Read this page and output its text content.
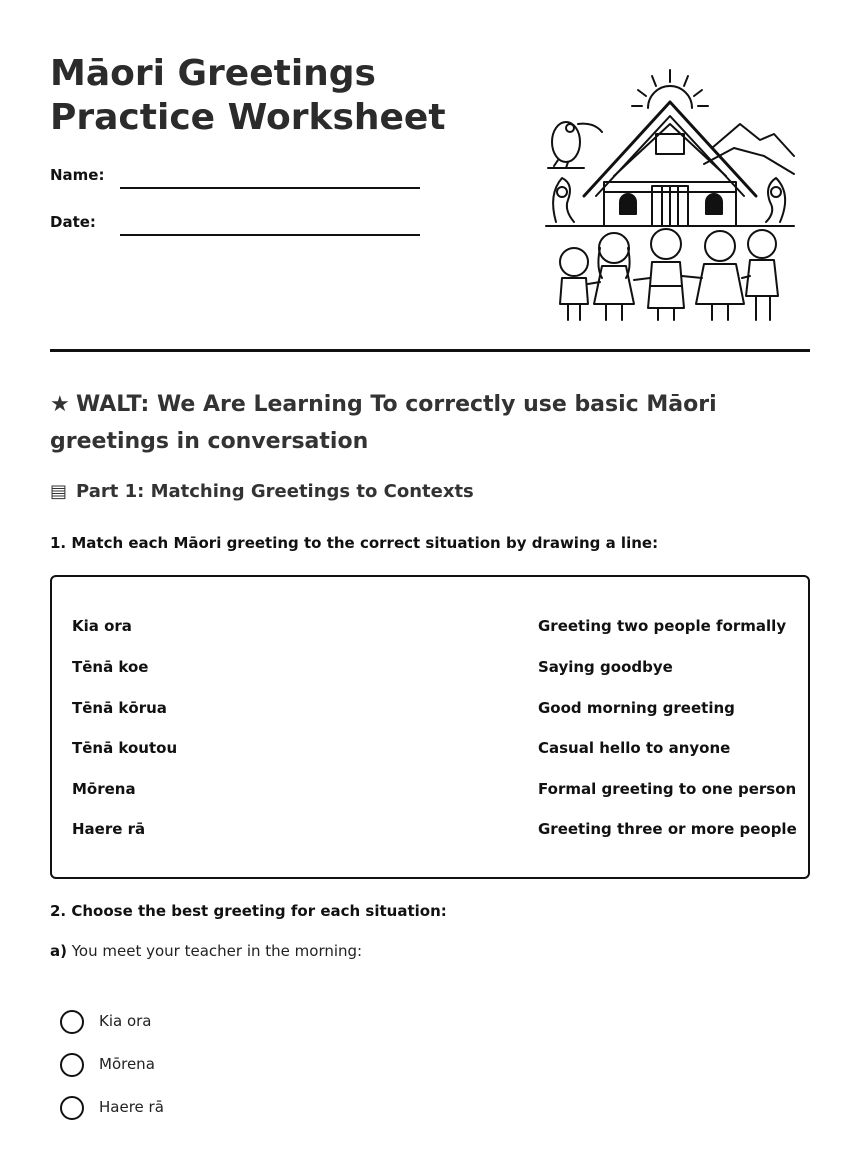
Māori Greetings
Practice Worksheet
Name:
Date:
★ WALT: We Are Learning To correctly use basic Māori greetings in conversation
▤ Part 1: Matching Greetings to Contexts

1. Match each Māori greeting to the correct situation by drawing a line:

Kia ora
Tēnā koe
Tēnā kōrua
Tēnā koutou
Mōrena
Haere rā
Greeting two people formally
Saying goodbye
Good morning greeting
Casual hello to anyone
Formal greeting to one person
Greeting three or more people

2. Choose the best greeting for each situation:

a) You meet your teacher in the morning:
Kia ora
Mōrena
Haere rā
